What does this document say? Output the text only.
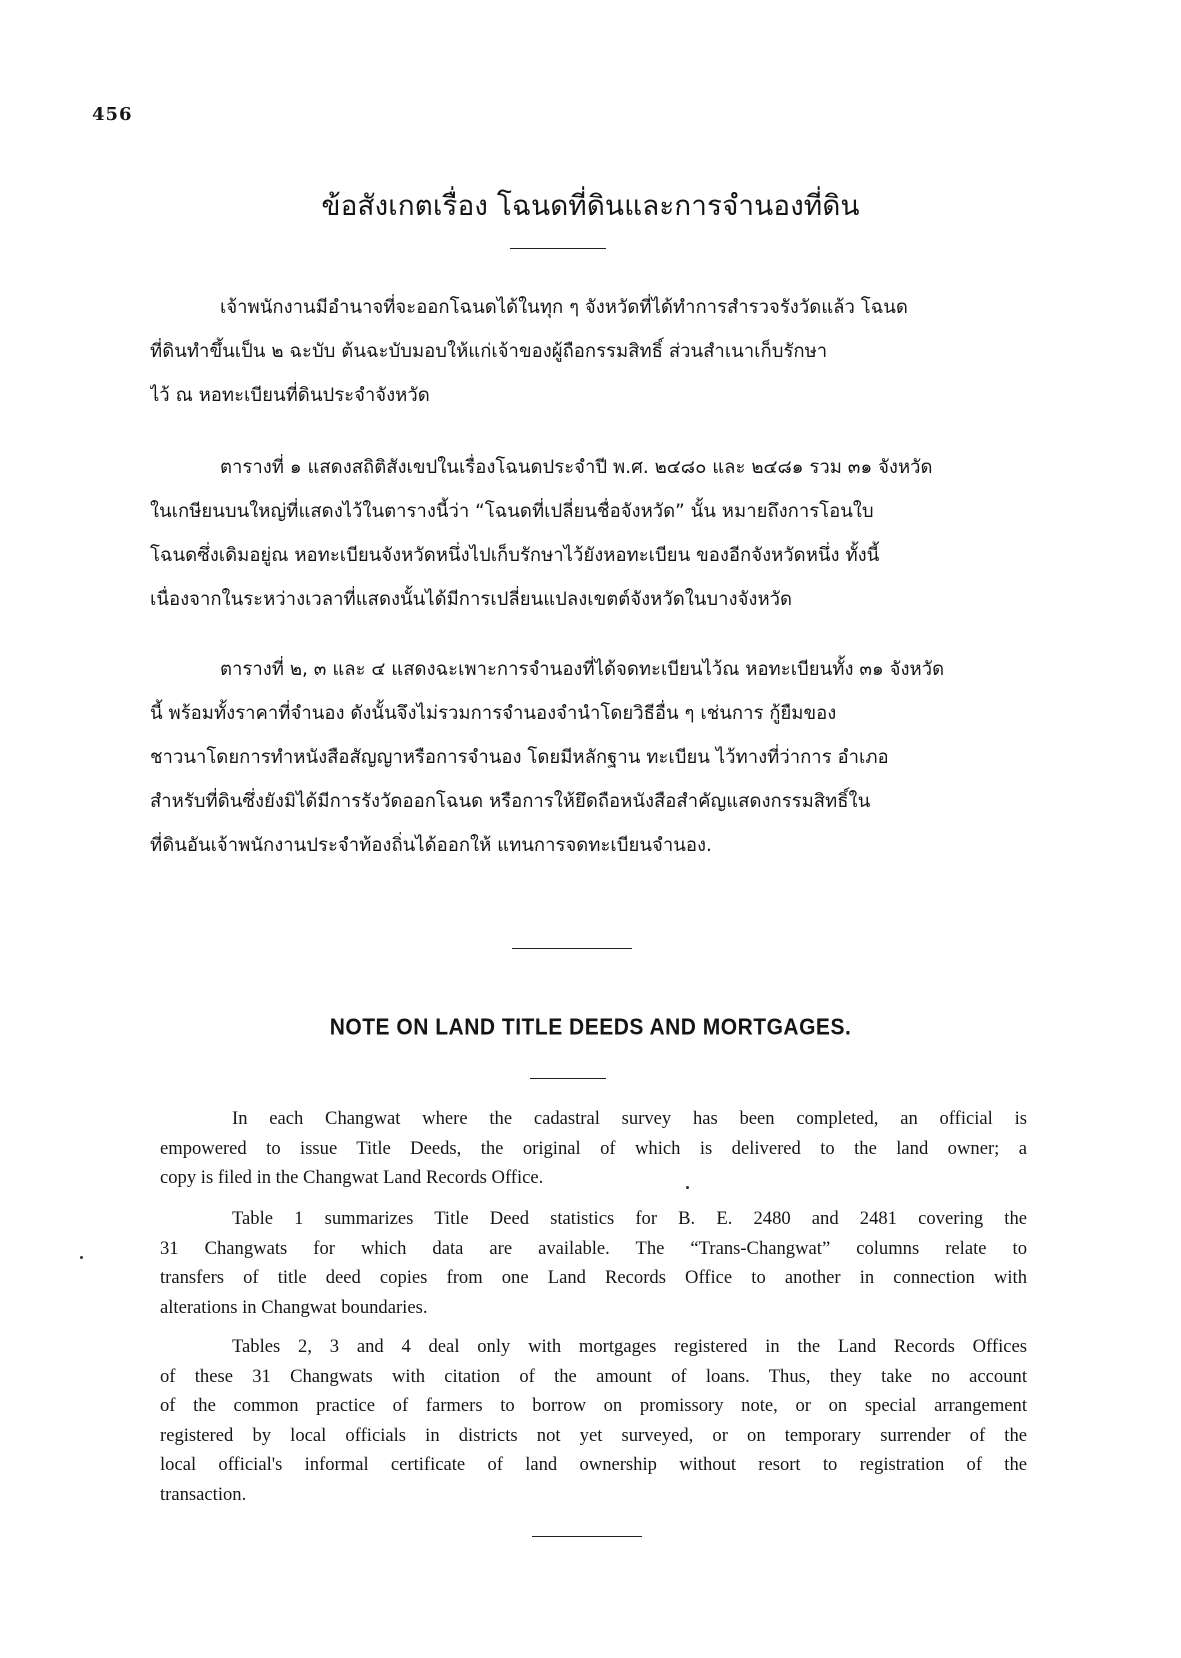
456
ข้อสังเกตเรื่อง โฉนดที่ดินและการจำนองที่ดิน
เจ้าพนักงานมีอำนาจที่จะออกโฉนดได้ในทุก ๆ จังหวัดที่ได้ทำการสำรวจรังวัดแล้ว โฉนด
ที่ดินทำขึ้นเป็น ๒ ฉะบับ ต้นฉะบับมอบให้แก่เจ้าของผู้ถือกรรมสิทธิ์ ส่วนสำเนาเก็บรักษา
ไว้ ณ หอทะเบียนที่ดินประจำจังหวัด
ตารางที่ ๑ แสดงสถิติสังเขปในเรื่องโฉนดประจำปี พ.ศ. ๒๔๘๐ และ ๒๔๘๑ รวม ๓๑ จังหวัด
ในเกษียนบนใหญ่ที่แสดงไว้ในตารางนี้ว่า “โฉนดที่เปลี่ยนชื่อจังหวัด” นั้น หมายถึงการโอนใบ
โฉนดซึ่งเดิมอยู่ณ หอทะเบียนจังหวัดหนึ่งไปเก็บรักษาไว้ยังหอทะเบียน ของอีกจังหวัดหนึ่ง ทั้งนี้
เนื่องจากในระหว่างเวลาที่แสดงนั้นได้มีการเปลี่ยนแปลงเขตต์จังหวัดในบางจังหวัด
ตารางที่ ๒, ๓ และ ๔ แสดงฉะเพาะการจำนองที่ได้จดทะเบียนไว้ณ หอทะเบียนทั้ง ๓๑ จังหวัด
นี้ พร้อมทั้งราคาที่จำนอง ดังนั้นจึงไม่รวมการจำนองจำนำโดยวิธีอื่น ๆ เช่นการ กู้ยืมของ
ชาวนาโดยการทำหนังสือสัญญาหรือการจำนอง โดยมีหลักฐาน ทะเบียน ไว้ทางที่ว่าการ อำเภอ
สำหรับที่ดินซึ่งยังมิได้มีการรังวัดออกโฉนด หรือการให้ยึดถือหนังสือสำคัญแสดงกรรมสิทธิ์ใน
ที่ดินอันเจ้าพนักงานประจำท้องถิ่นได้ออกให้ แทนการจดทะเบียนจำนอง.
NOTE ON LAND TITLE DEEDS AND MORTGAGES.
In each Changwat where the cadastral survey has been completed, an official is
empowered to issue Title Deeds, the original of which is delivered to the land owner; a
copy is filed in the Changwat Land Records Office.
Table 1 summarizes Title Deed statistics for B. E. 2480 and 2481 covering the
31 Changwats for which data are available. The “Trans-Changwat” columns relate to
transfers of title deed copies from one Land Records Office to another in connection with
alterations in Changwat boundaries.
Tables 2, 3 and 4 deal only with mortgages registered in the Land Records Offices
of these 31 Changwats with citation of the amount of loans. Thus, they take no account
of the common practice of farmers to borrow on promissory note, or on special arrangement
registered by local officials in districts not yet surveyed, or on temporary surrender of the
local official's informal certificate of land ownership without resort to registration of the
transaction.
